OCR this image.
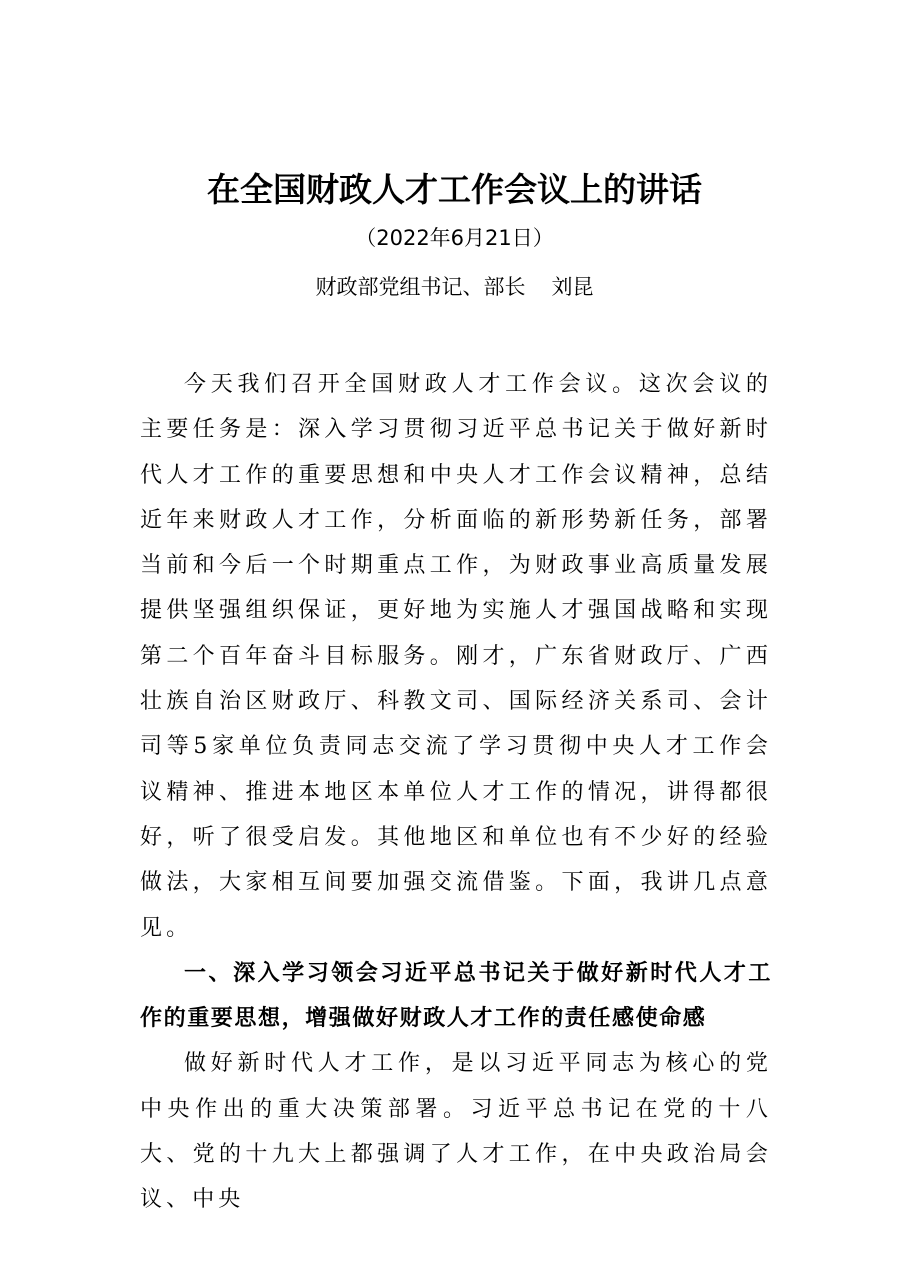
在全国财政人才工作会议上的讲话
（2022年6月21日）
财政部党组书记、部长 刘昆

今天我们召开全国财政人才工作会议。这次会议的主要任务是：深入学习贯彻习近平总书记关于做好新时代人才工作的重要思想和中央人才工作会议精神，总结近年来财政人才工作，分析面临的新形势新任务，部署当前和今后一个时期重点工作，为财政事业高质量发展提供坚强组织保证，更好地为实施人才强国战略和实现第二个百年奋斗目标服务。刚才，广东省财政厅、广西壮族自治区财政厅、科教文司、国际经济关系司、会计司等5家单位负责同志交流了学习贯彻中央人才工作会议精神、推进本地区本单位人才工作的情况，讲得都很好，听了很受启发。其他地区和单位也有不少好的经验做法，大家相互间要加强交流借鉴。下面，我讲几点意见。

一、深入学习领会习近平总书记关于做好新时代人才工作的重要思想，增强做好财政人才工作的责任感使命感

做好新时代人才工作，是以习近平同志为核心的党中央作出的重大决策部署。习近平总书记在党的十八大、党的十九大上都强调了人才工作，在中央政治局会议、中央
